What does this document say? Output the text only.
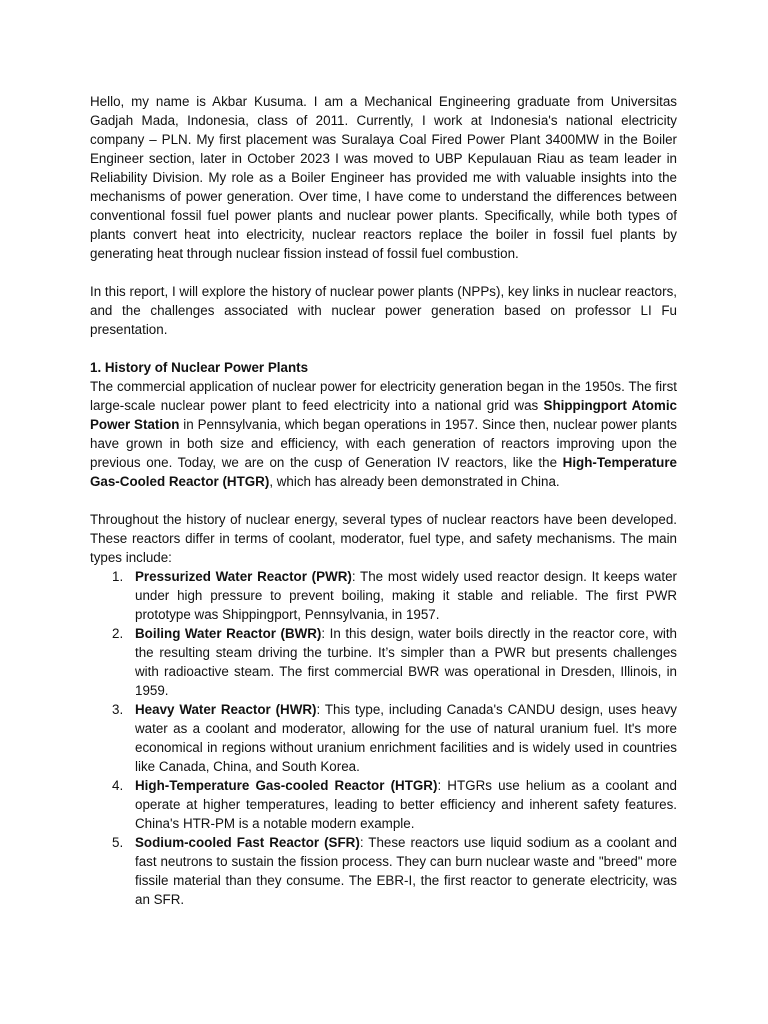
Hello, my name is Akbar Kusuma. I am a Mechanical Engineering graduate from Universitas Gadjah Mada, Indonesia, class of 2011. Currently, I work at Indonesia's national electricity company – PLN. My first placement was Suralaya Coal Fired Power Plant 3400MW in the Boiler Engineer section, later in October 2023 I was moved to UBP Kepulauan Riau as team leader in Reliability Division. My role as a Boiler Engineer has provided me with valuable insights into the mechanisms of power generation. Over time, I have come to understand the differences between conventional fossil fuel power plants and nuclear power plants. Specifically, while both types of plants convert heat into electricity, nuclear reactors replace the boiler in fossil fuel plants by generating heat through nuclear fission instead of fossil fuel combustion.

In this report, I will explore the history of nuclear power plants (NPPs), key links in nuclear reactors, and the challenges associated with nuclear power generation based on professor LI Fu presentation.

1. History of Nuclear Power Plants

The commercial application of nuclear power for electricity generation began in the 1950s. The first large-scale nuclear power plant to feed electricity into a national grid was Shippingport Atomic Power Station in Pennsylvania, which began operations in 1957. Since then, nuclear power plants have grown in both size and efficiency, with each generation of reactors improving upon the previous one. Today, we are on the cusp of Generation IV reactors, like the High-Temperature Gas-Cooled Reactor (HTGR), which has already been demonstrated in China.

Throughout the history of nuclear energy, several types of nuclear reactors have been developed. These reactors differ in terms of coolant, moderator, fuel type, and safety mechanisms. The main types include:

1. Pressurized Water Reactor (PWR): The most widely used reactor design. It keeps water under high pressure to prevent boiling, making it stable and reliable. The first PWR prototype was Shippingport, Pennsylvania, in 1957.
2. Boiling Water Reactor (BWR): In this design, water boils directly in the reactor core, with the resulting steam driving the turbine. It’s simpler than a PWR but presents challenges with radioactive steam. The first commercial BWR was operational in Dresden, Illinois, in 1959.
3. Heavy Water Reactor (HWR): This type, including Canada's CANDU design, uses heavy water as a coolant and moderator, allowing for the use of natural uranium fuel. It's more economical in regions without uranium enrichment facilities and is widely used in countries like Canada, China, and South Korea.
4. High-Temperature Gas-cooled Reactor (HTGR): HTGRs use helium as a coolant and operate at higher temperatures, leading to better efficiency and inherent safety features. China's HTR-PM is a notable modern example.
5. Sodium-cooled Fast Reactor (SFR): These reactors use liquid sodium as a coolant and fast neutrons to sustain the fission process. They can burn nuclear waste and "breed" more fissile material than they consume. The EBR-I, the first reactor to generate electricity, was an SFR.
